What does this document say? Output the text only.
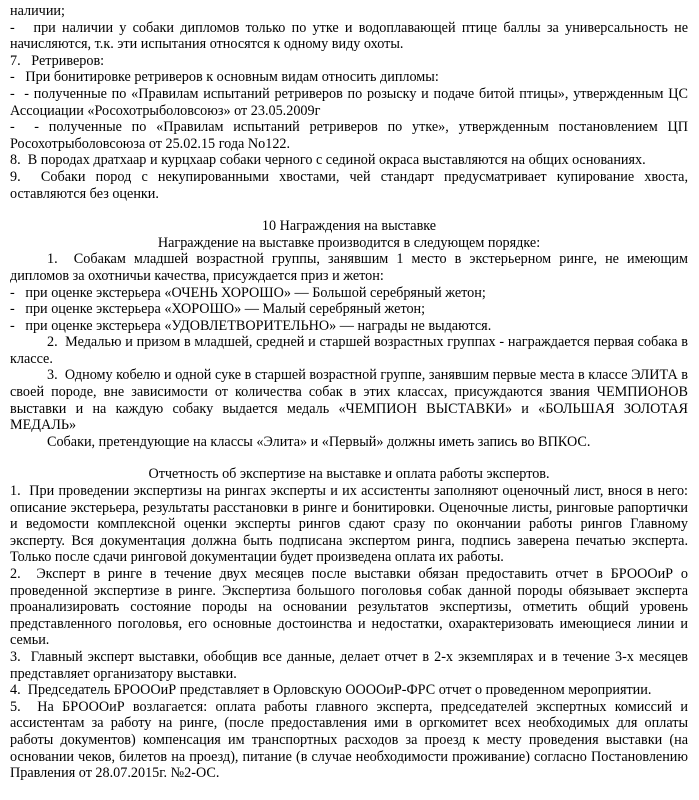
наличии;

-   при наличии у собаки дипломов только по утке и водоплавающей птице баллы за универсальность не начисляются, т.к. эти испытания относятся к одному виду охоты.

7.   Ретриверов:

-   При бонитировке ретриверов к основным видам относить дипломы:

-  - полученные по «Правилам испытаний ретриверов по розыску и подаче битой птицы», утвержденным ЦС Ассоциации «Росохотрыболовсоюз» от 23.05.2009г

-  - полученные по «Правилам испытаний ретриверов по утке», утвержденным постановлением ЦП Росохотрыболовсоюза от 25.02.15 года No122.

8.  В породах дратхаар и курцхаар собаки черного с сединой окраса выставляются на общих основаниях.

9.  Собаки пород с некупированными хвостами, чей стандарт предусматривает купирование хвоста, оставляются без оценки.

10 Награждения на выставке

Награждение на выставке производится в следующем порядке:

1.  Собакам младшей возрастной группы, занявшим 1 место в экстерьерном ринге, не имеющим дипломов за охотничьи качества, присуждается приз и жетон:

-   при оценке экстерьера «ОЧЕНЬ ХОРОШО» — Большой серебряный жетон;

-   при оценке экстерьера «ХОРОШО» — Малый серебряный жетон;

-   при оценке экстерьера «УДОВЛЕТВОРИТЕЛЬНО» — награды не выдаются.

2.  Медалью и призом в младшей, средней и старшей возрастных группах - награждается первая собака в классе.

3.  Одному кобелю и одной суке в старшей возрастной группе, занявшим первые места в классе ЭЛИТА в своей породе, вне зависимости от количества собак в этих классах, присуждаются звания ЧЕМПИОНОВ выставки и на каждую собаку выдается медаль «ЧЕМПИОН ВЫСТАВКИ» и «БОЛЬШАЯ ЗОЛОТАЯ МЕДАЛЬ»

Собаки, претендующие на классы «Элита» и «Первый» должны иметь запись во ВПКОС.

Отчетность об экспертизе на выставке и оплата работы экспертов.

1.  При проведении экспертизы на рингах эксперты и их ассистенты заполняют оценочный лист, внося в него: описание экстерьера, результаты расстановки в ринге и бонитировки. Оценочные листы, ринговые рапортички и ведомости комплексной оценки эксперты рингов сдают сразу по окончании работы рингов Главному эксперту. Вся документация должна быть подписана экспертом ринга, подпись заверена печатью эксперта. Только после сдачи ринговой документации будет произведена оплата их работы.

2.  Эксперт в ринге в течение двух месяцев после выставки обязан предоставить отчет в БРОООиР о проведенной экспертизе в ринге. Экспертиза большого поголовья собак данной породы обязывает эксперта проанализировать состояние породы на основании результатов экспертизы, отметить общий уровень представленного поголовья, его основные достоинства и недостатки, охарактеризовать имеющиеся линии и семьи.

3.  Главный эксперт выставки, обобщив все данные, делает отчет в 2-х экземплярах и в течение 3-х месяцев представляет организатору выставки.

4.  Председатель БРОООиР представляет в Орловскую ООООиР-ФРС отчет о проведенном мероприятии.

5.  На БРОООиР возлагается: оплата работы главного эксперта, председателей экспертных комиссий и ассистентам за работу на ринге, (после предоставления ими в оргкомитет всех необходимых для оплаты работы документов) компенсация им транспортных расходов за проезд к месту проведения выставки (на основании чеков, билетов на проезд), питание (в случае необходимости проживание) согласно Постановлению Правления от 28.07.2015г. №2-ОС.
